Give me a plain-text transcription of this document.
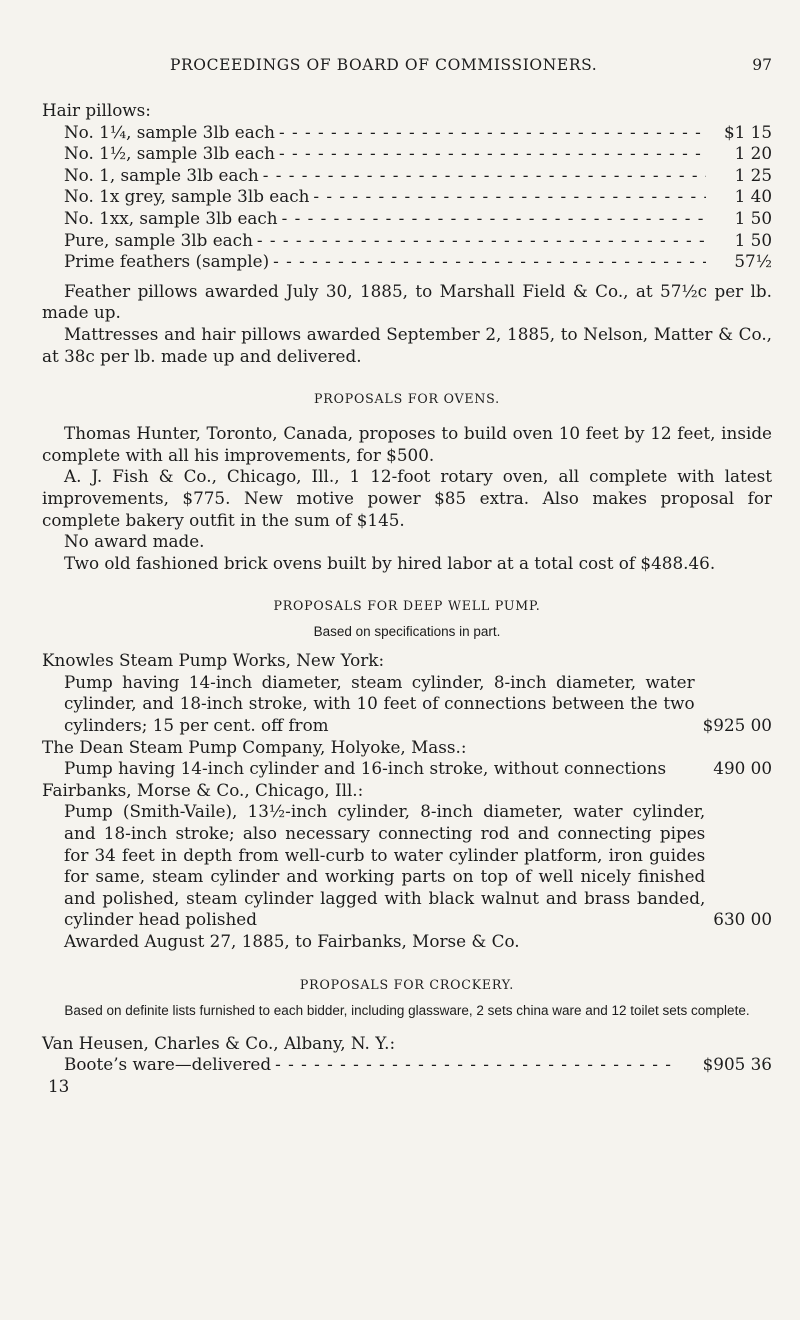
PROCEEDINGS OF BOARD OF COMMISSIONERS.	97
Hair pillows:
No. 1¼, sample 3lb each - - -	$1 15
No. 1½, sample 3lb each - - -	1 20
No. 1, sample 3lb each - - -	1 25
No. 1x grey, sample 3lb each - - -	1 40
No. 1xx, sample 3lb each - - -	1 50
Pure, sample 3lb each - - -	1 50
Prime feathers (sample) - - -	57½
Feather pillows awarded July 30, 1885, to Marshall Field & Co., at 57½c per lb. made up.
Mattresses and hair pillows awarded September 2, 1885, to Nelson, Matter & Co., at 38c per lb. made up and delivered.
PROPOSALS FOR OVENS.
Thomas Hunter, Toronto, Canada, proposes to build oven 10 feet by 12 feet, inside complete with all his improvements, for $500.
A. J. Fish & Co., Chicago, Ill., 1 12-foot rotary oven, all complete with latest improvements, $775. New motive power $85 extra. Also makes proposal for complete bakery outfit in the sum of $145.
No award made.
Two old fashioned brick ovens built by hired labor at a total cost of $488.46.
PROPOSALS FOR DEEP WELL PUMP.
Based on specifications in part.
Knowles Steam Pump Works, New York:
Pump having 14-inch diameter, steam cylinder, 8-inch diameter, water cylinder, and 18-inch stroke, with 10 feet of connections between the two cylinders; 15 per cent. off from	$925 00
The Dean Steam Pump Company, Holyoke, Mass.:
Pump having 14-inch cylinder and 16-inch stroke, without connections	490 00
Fairbanks, Morse & Co., Chicago, Ill.:
Pump (Smith-Vaile), 13½-inch cylinder, 8-inch diameter, water cylinder, and 18-inch stroke; also necessary connecting rod and connecting pipes for 34 feet in depth from well-curb to water cylinder platform, iron guides for same, steam cylinder and working parts on top of well nicely finished and polished, steam cylinder lagged with black walnut and brass banded, cylinder head polished	630 00
Awarded August 27, 1885, to Fairbanks, Morse & Co.
PROPOSALS FOR CROCKERY.
Based on definite lists furnished to each bidder, including glassware, 2 sets china ware and 12 toilet sets complete.
Van Heusen, Charles & Co., Albany, N. Y.:
Boote’s ware—delivered - - -	$905 36
13
